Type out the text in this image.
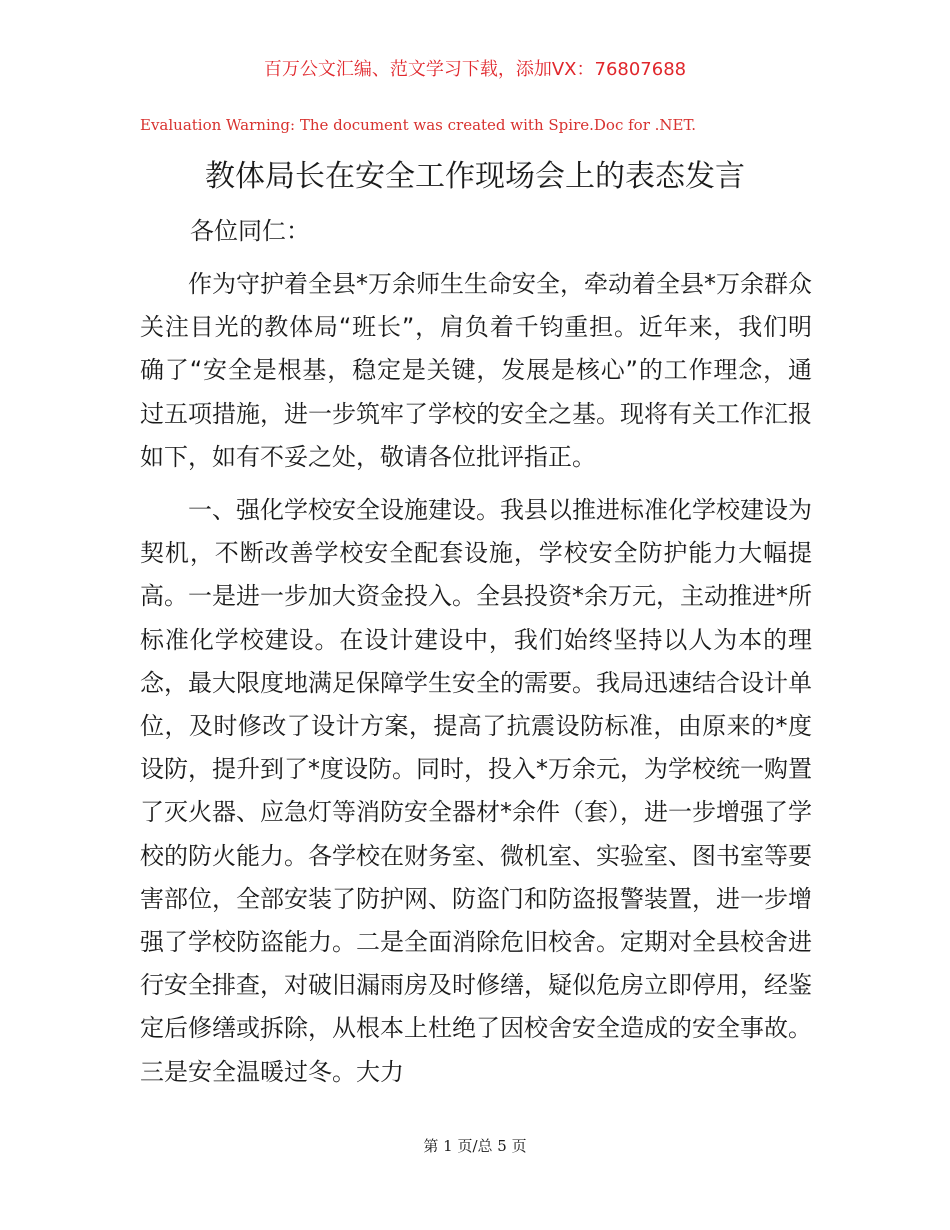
百万公文汇编、范文学习下载，添加VX：76807688
Evaluation Warning: The document was created with Spire.Doc for .NET.
教体局长在安全工作现场会上的表态发言
各位同仁：

作为守护着全县*万余师生生命安全，牵动着全县*万余群众关注目光的教体局“班长”，肩负着千钧重担。近年来，我们明确了“安全是根基，稳定是关键，发展是核心”的工作理念，通过五项措施，进一步筑牢了学校的安全之基。现将有关工作汇报如下，如有不妥之处，敬请各位批评指正。

一、强化学校安全设施建设。我县以推进标准化学校建设为契机，不断改善学校安全配套设施，学校安全防护能力大幅提高。一是进一步加大资金投入。全县投资*余万元，主动推进*所标准化学校建设。在设计建设中，我们始终坚持以人为本的理念，最大限度地满足保障学生安全的需要。我局迅速结合设计单位，及时修改了设计方案，提高了抗震设防标准，由原来的*度设防，提升到了*度设防。同时，投入*万余元，为学校统一购置了灭火器、应急灯等消防安全器材*余件（套），进一步增强了学校的防火能力。各学校在财务室、微机室、实验室、图书室等要害部位，全部安装了防护网、防盗门和防盗报警装置，进一步增强了学校防盗能力。二是全面消除危旧校舍。定期对全县校舍进行安全排查，对破旧漏雨房及时修缮，疑似危房立即停用，经鉴定后修缮或拆除，从根本上杜绝了因校舍安全造成的安全事故。三是安全温暖过冬。大力

第 1 页/总 5 页
